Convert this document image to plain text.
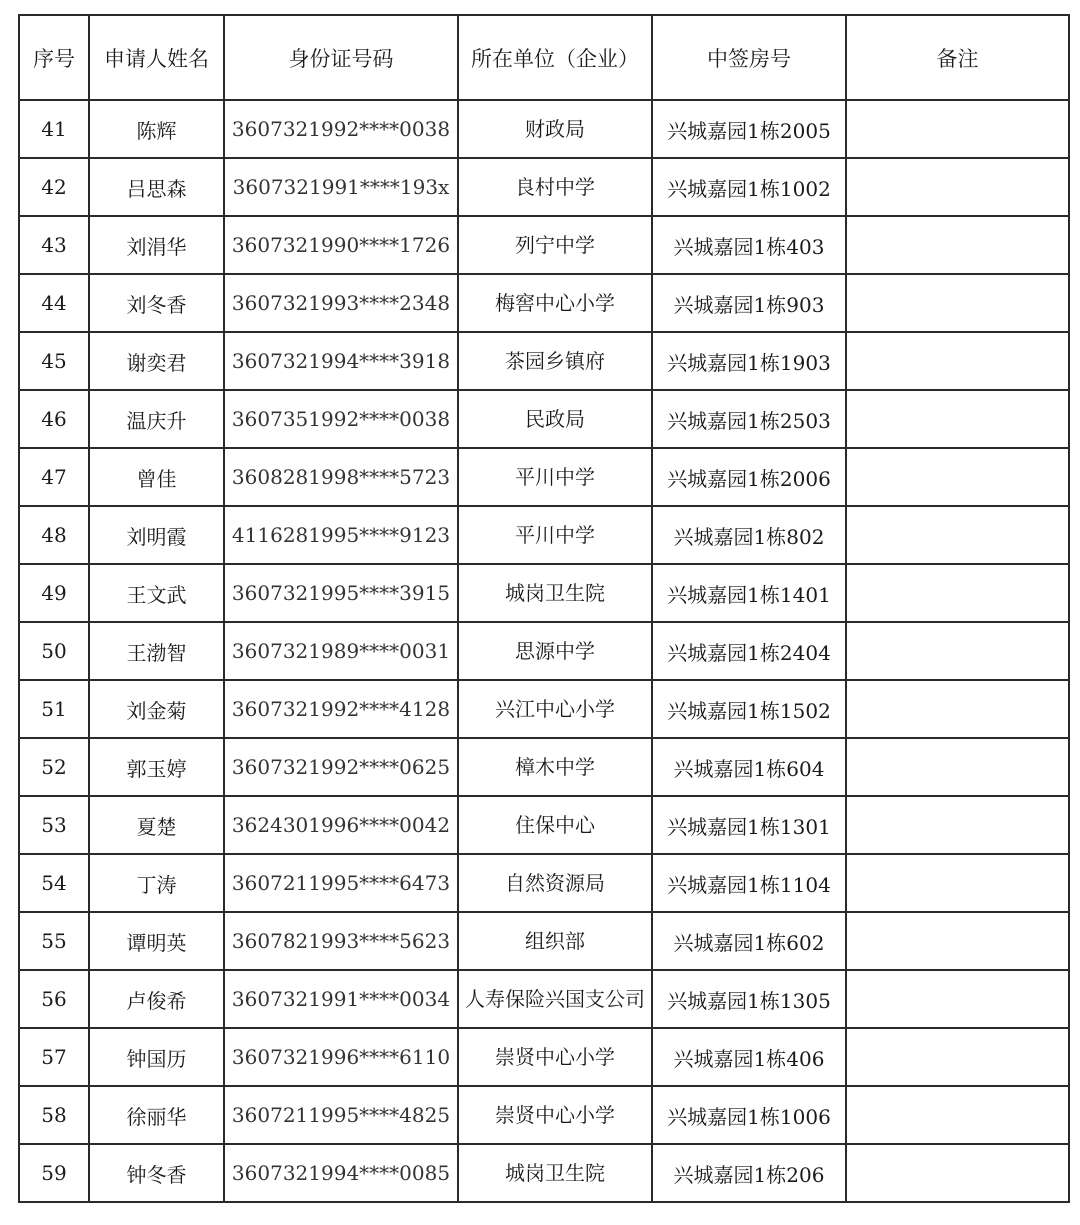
序号	申请人姓名	身份证号码	所在单位（企业）	中签房号	备注
41	陈辉	3607321992****0038	财政局	兴城嘉园1栋2005	
42	吕思森	3607321991****193x	良村中学	兴城嘉园1栋1002	
43	刘涓华	3607321990****1726	列宁中学	兴城嘉园1栋403	
44	刘冬香	3607321993****2348	梅窖中心小学	兴城嘉园1栋903	
45	谢奕君	3607321994****3918	茶园乡镇府	兴城嘉园1栋1903	
46	温庆升	3607351992****0038	民政局	兴城嘉园1栋2503	
47	曾佳	3608281998****5723	平川中学	兴城嘉园1栋2006	
48	刘明霞	4116281995****9123	平川中学	兴城嘉园1栋802	
49	王文武	3607321995****3915	城岗卫生院	兴城嘉园1栋1401	
50	王渤智	3607321989****0031	思源中学	兴城嘉园1栋2404	
51	刘金菊	3607321992****4128	兴江中心小学	兴城嘉园1栋1502	
52	郭玉婷	3607321992****0625	樟木中学	兴城嘉园1栋604	
53	夏楚	3624301996****0042	住保中心	兴城嘉园1栋1301	
54	丁涛	3607211995****6473	自然资源局	兴城嘉园1栋1104	
55	谭明英	3607821993****5623	组织部	兴城嘉园1栋602	
56	卢俊希	3607321991****0034	人寿保险兴国支公司	兴城嘉园1栋1305	
57	钟国历	3607321996****6110	崇贤中心小学	兴城嘉园1栋406	
58	徐丽华	3607211995****4825	崇贤中心小学	兴城嘉园1栋1006	
59	钟冬香	3607321994****0085	城岗卫生院	兴城嘉园1栋206	
